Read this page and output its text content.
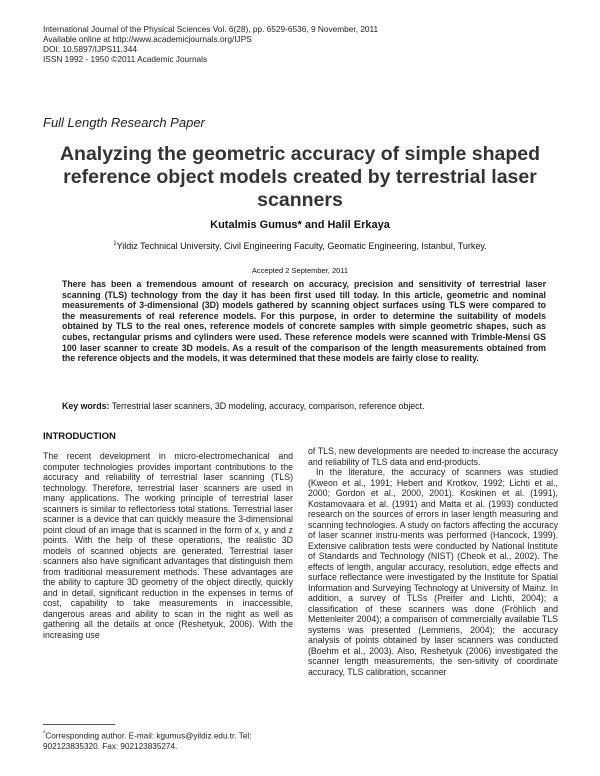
International Journal of the Physical Sciences Vol. 6(28), pp. 6529-6536, 9 November, 2011
Available online at http://www.academicjournals.org/IJPS
DOI: 10.5897/IJPS11.344
ISSN 1992 - 1950 ©2011 Academic Journals
Full Length Research Paper
Analyzing the geometric accuracy of simple shaped reference object models created by terrestrial laser scanners
Kutalmis Gumus* and Halil Erkaya
$^1$Yildiz Technical University, Civil Engineering Faculty, Geomatic Engineering, Istanbul, Turkey.
Accepted 2 September, 2011
There has been a tremendous amount of research on accuracy, precision and sensitivity of terrestrial laser scanning (TLS) technology from the day it has been first used till today. In this article, geometric and nominal measurements of 3-dimensional (3D) models gathered by scanning object surfaces using TLS were compared to the measurements of real reference models. For this purpose, in order to determine the suitability of models obtained by TLS to the real ones, reference models of concrete samples with simple geometric shapes, such as cubes, rectangular prisms and cylinders were used. These reference models were scanned with Trimble-Mensi GS 100 laser scanner to create 3D models. As a result of the comparison of the length measurements obtained from the reference objects and the models, it was determined that these models are fairly close to reality.
Key words: Terrestrial laser scanners, 3D modeling, accuracy, comparison, reference object.
INTRODUCTION

The recent development in micro-electromechanical and computer technologies provides important contributions to the accuracy and reliability of terrestrial laser scanning (TLS) technology. Therefore, terrestrial laser scanners are used in many applications. The working principle of terrestrial laser scanners is similar to reflectorless total stations. Terrestrial laser scanner is a device that can quickly measure the 3-dimensional point cloud of an image that is scanned in the form of x, y and z points. With the help of these operations, the realistic 3D models of scanned objects are generated. Terrestrial laser scanners also have significant advantages that distinguish them from traditional measurement methods. These advantages are the ability to capture 3D geometry of the object directly, quickly and in detail, significant reduction in the expenses in terms of cost, capability to take measurements in inaccessible, dangerous areas and ability to scan in the night as well as gathering all the details at once (Reshetyuk, 2006). With the increasing use

of TLS, new developments are needed to increase the accuracy and reliability of TLS data and end-products.

In the literature, the accuracy of scanners was studied (Kweon et al., 1991; Hebert and Krotkov, 1992; Lichti et al., 2000; Gordon et al., 2000, 2001). Koskinen et al. (1991), Kostamovaara et al. (1991) and Matta et al. (1993) conducted research on the sources of errors in laser length measuring and scanning technologies. A study on factors affecting the accuracy of laser scanner instru-ments was performed (Hancock, 1999). Extensive calibration tests were conducted by National Institute of Standards and Technology (NIST) (Cheok et al., 2002). The effects of length, angular accuracy, resolution, edge effects and surface reflectance were investigated by the Institute for Spatial Information and Surveying Technology at University of Mainz. In addition, a survey of TLSs (Preifer and Lichti, 2004); a classification of these scanners was done (Fröhlich and Mettenleiter 2004); a comparison of commercially available TLS systems was presented (Lemmens, 2004); the accuracy analysis of points obtained by laser scanners was conducted (Boehm et al., 2003). Also, Reshetyuk (2006) investigated the scanner length measurements, the sen-sitivity of coordinate accuracy, TLS calibration, sccanner

*Corresponding author. E-mail: kgumus@yildiz.edu.tr. Tel: 902123835320. Fax: 902123835274.
